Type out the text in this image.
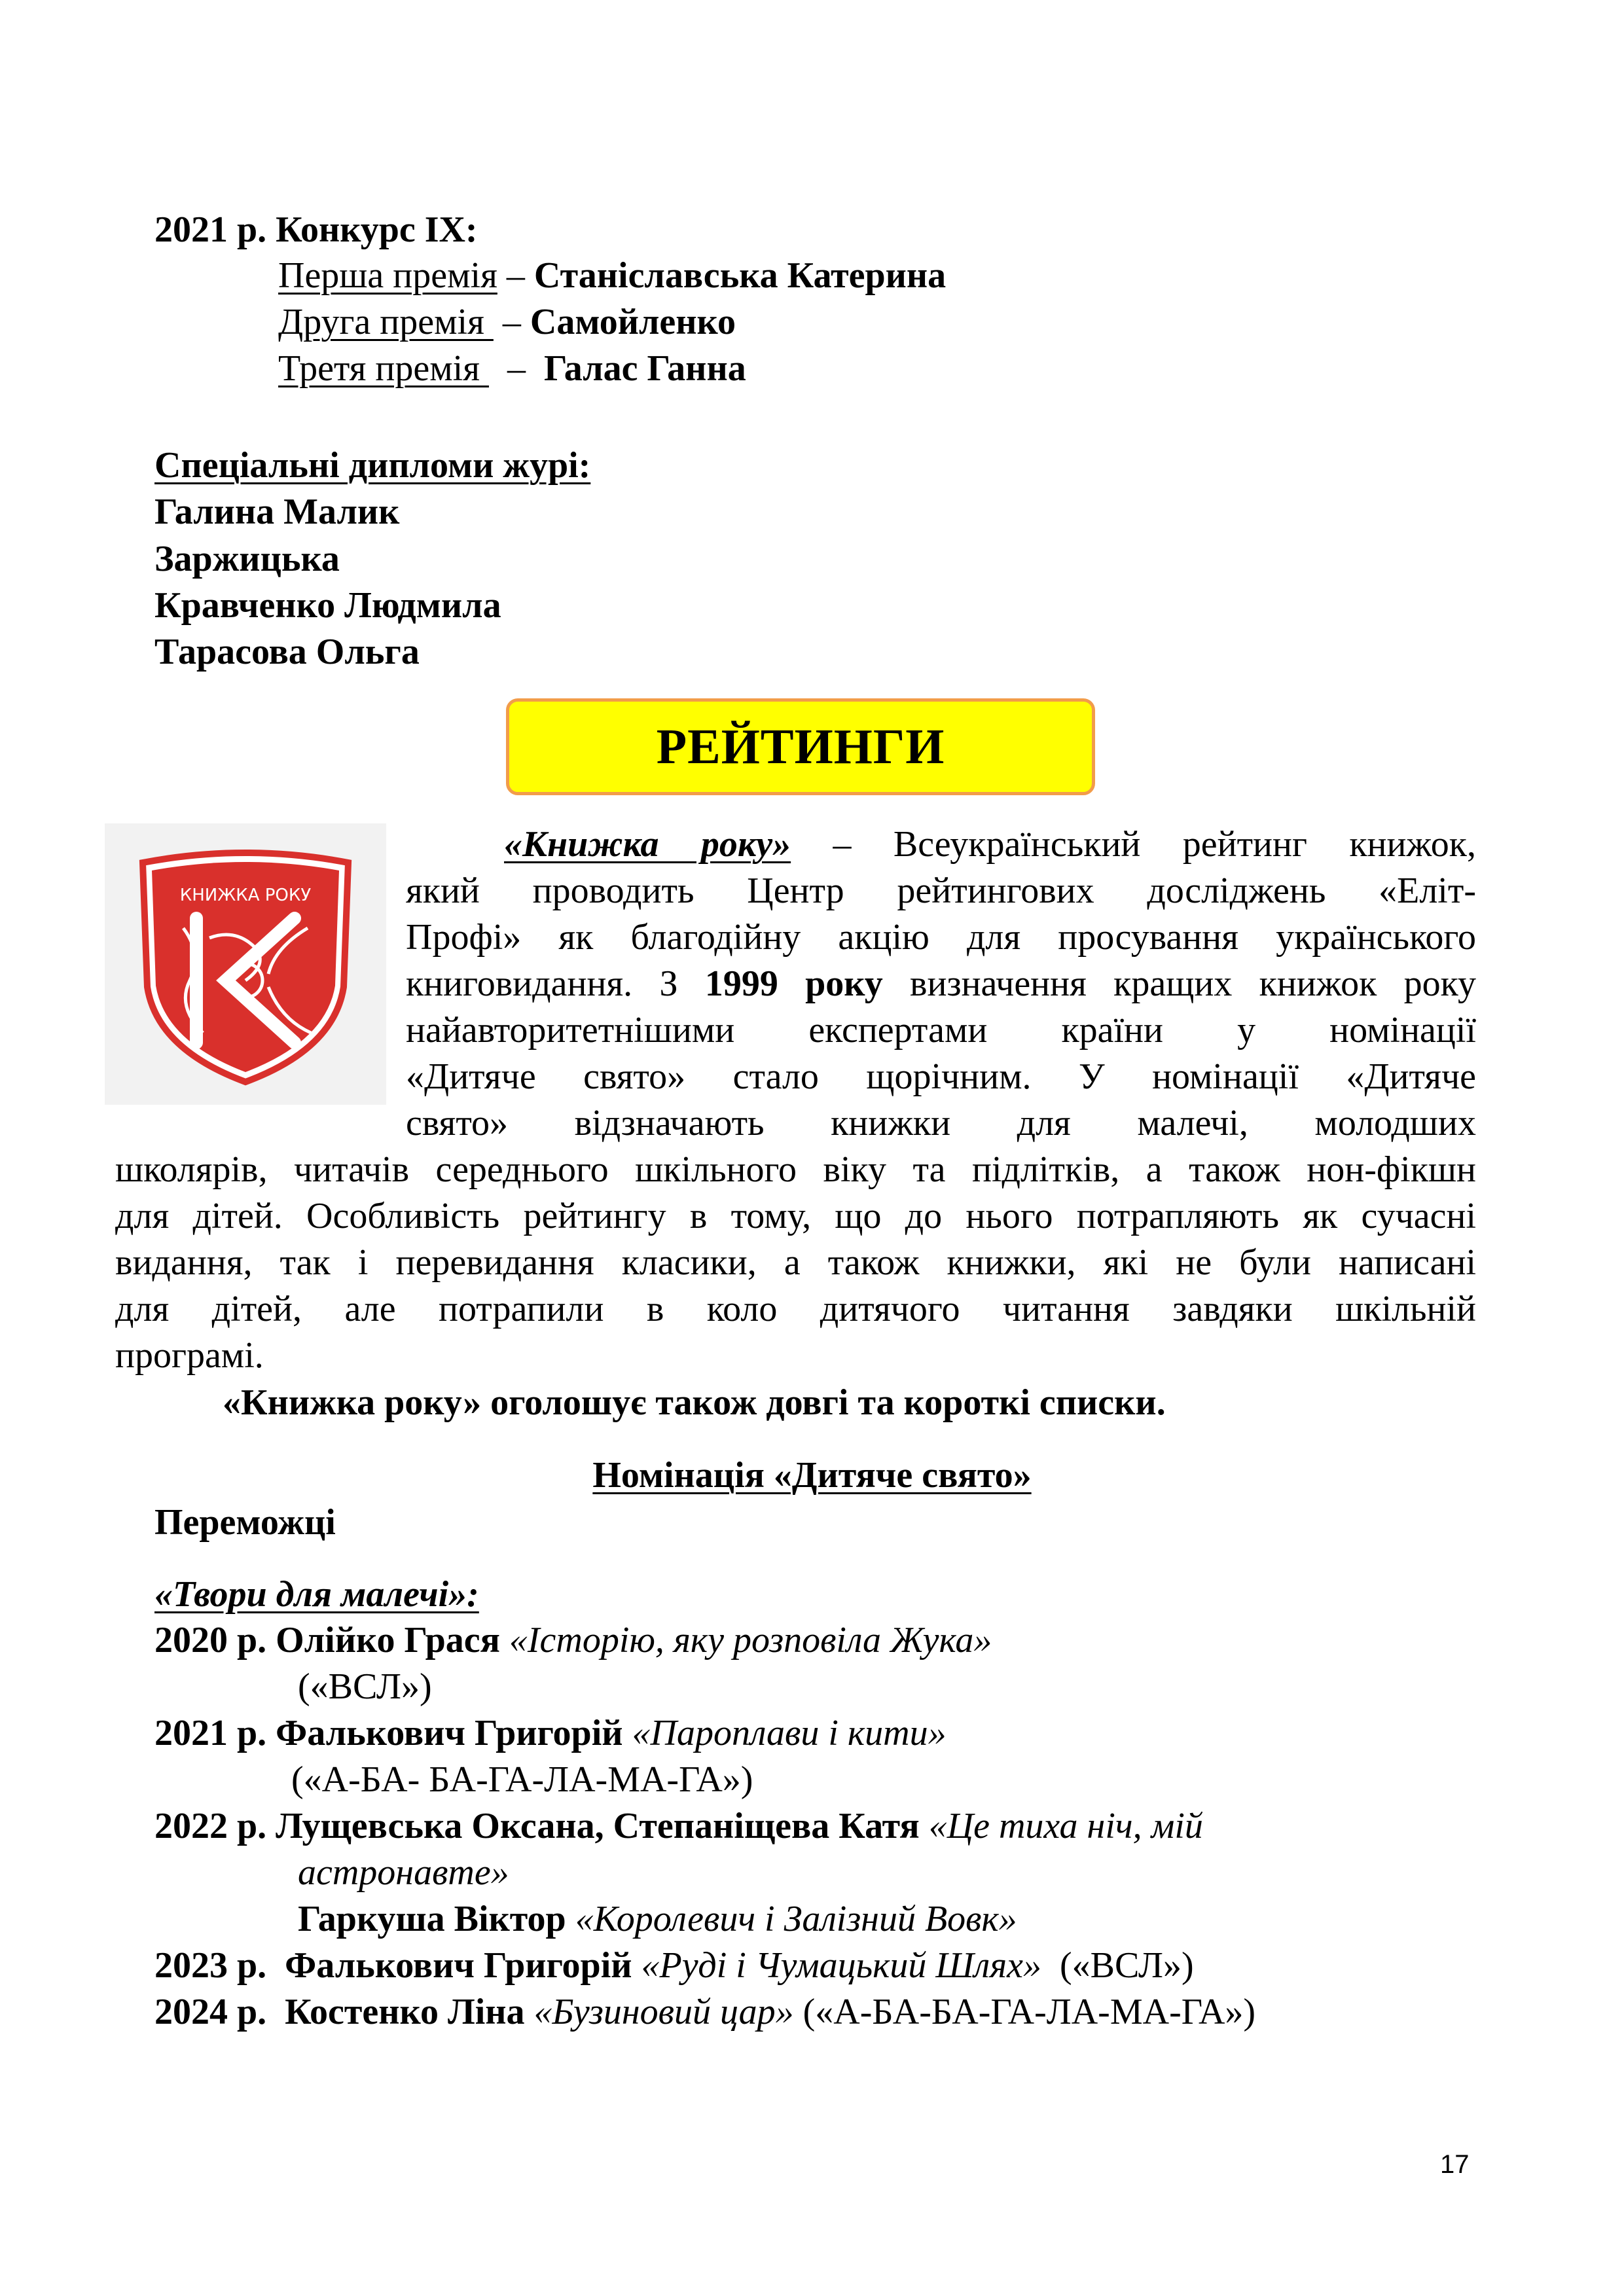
2021 р. Конкурс ІХ:
Перша премія – Станіславська Катерина
Друга премія  – Самойленко
Третя премія   –  Галас Ганна
Спеціальні дипломи журі:
Галина Малик
Заржицька
Кравченко Людмила
Тарасова Ольга
РЕЙТИНГИ
КНИЖКА РОКУ
«Книжка року» – Всеукраїнський рейтинг книжок,
який проводить Центр рейтингових досліджень «Еліт-
Профі» як благодійну акцію для просування українського
книговидання. З 1999 року визначення кращих книжок року
найавторитетнішими експертами країни у номінації
«Дитяче свято» стало щорічним. У номінації «Дитяче
свято» відзначають книжки для малечі, молодших
школярів, читачів середнього шкільного віку та підлітків, а також нон-фікшн
для дітей. Особливість рейтингу в тому, що до нього потрапляють як сучасні
видання, так і перевидання класики, а також книжки, які не були написані
для дітей, але потрапили в коло дитячого читання завдяки шкільній
програмі.
«Книжка року» оголошує також довгі та короткі списки.
Номінація «Дитяче свято»
Переможці
«Твори для малечі»:
2020 р. Олійко Грася «Історію, яку розповіла Жука»
(«ВСЛ»)
2021 р. Фалькович Григорій «Пароплави і кити»
(«А-БА- БА-ГА-ЛА-МА-ГА»)
2022 р. Лущевська Оксана, Степаніщева Катя «Це тиха ніч, мій
астронавте»
Гаркуша Віктор «Королевич і Залізний Вовк»
2023 р. Фалькович Григорій «Руді і Чумацький Шлях» («ВСЛ»)
2024 р. Костенко Ліна «Бузиновий цар» («А-БА-БА-ГА-ЛА-МА-ГА»)
17
